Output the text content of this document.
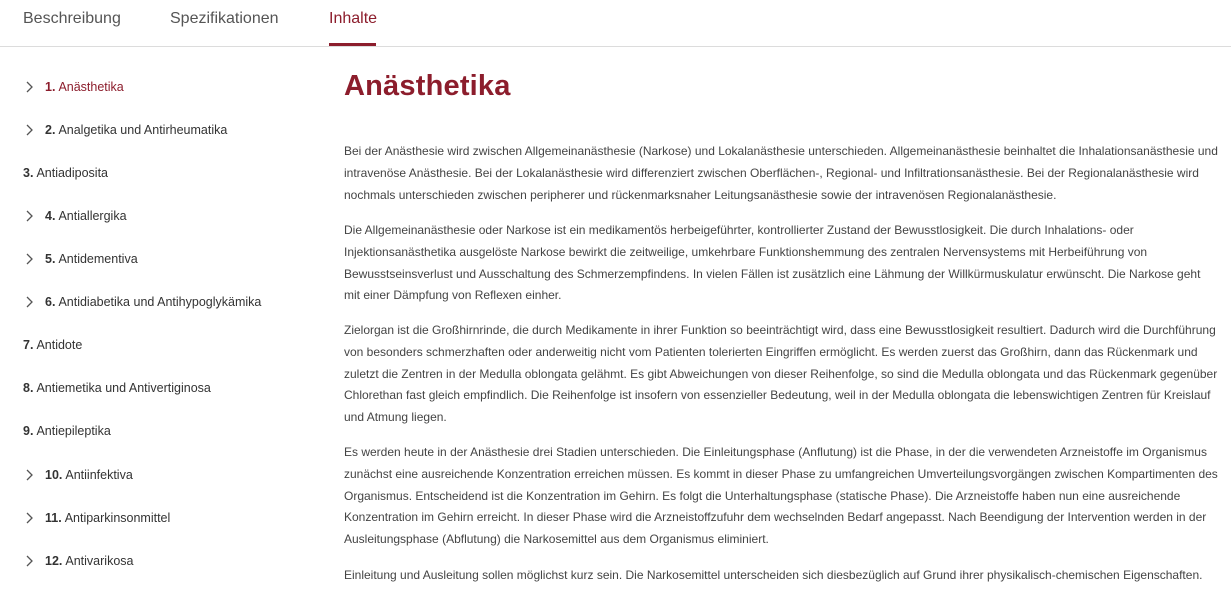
Beschreibung	Spezifikationen	Inhalte
1. Anästhetika
2. Analgetika und Antirheumatika
3. Antiadiposita
4. Antiallergika
5. Antidementiva
6. Antidiabetika und Antihypoglykämika
7. Antidote
8. Antiemetika und Antivertiginosa
9. Antiepileptika
10. Antiinfektiva
11. Antiparkinsonmittel
12. Antivarikosa
Anästhetika

Bei der Anästhesie wird zwischen Allgemeinanästhesie (Narkose) und Lokalanästhesie unterschieden. Allgemeinanästhesie beinhaltet die Inhalationsanästhesie und intravenöse Anästhesie. Bei der Lokalanästhesie wird differenziert zwischen Oberflächen-, Regional- und Infiltrationsanästhesie. Bei der Regionalanästhesie wird nochmals unterschieden zwischen peripherer und rückenmarksnaher Leitungsanästhesie sowie der intravenösen Regionalanästhesie.

Die Allgemeinanästhesie oder Narkose ist ein medikamentös herbeigeführter, kontrollierter Zustand der Bewusstlosigkeit. Die durch Inhalations- oder Injektionsanästhetika ausgelöste Narkose bewirkt die zeitweilige, umkehrbare Funktionshemmung des zentralen Nervensystems mit Herbeiführung von Bewusstseinsverlust und Ausschaltung des Schmerzempfindens. In vielen Fällen ist zusätzlich eine Lähmung der Willkürmuskulatur erwünscht. Die Narkose geht mit einer Dämpfung von Reflexen einher.

Zielorgan ist die Großhirnrinde, die durch Medikamente in ihrer Funktion so beeinträchtigt wird, dass eine Bewusstlosigkeit resultiert. Dadurch wird die Durchführung von besonders schmerzhaften oder anderweitig nicht vom Patienten tolerierten Eingriffen ermöglicht. Es werden zuerst das Großhirn, dann das Rückenmark und zuletzt die Zentren in der Medulla oblongata gelähmt. Es gibt Abweichungen von dieser Reihenfolge, so sind die Medulla oblongata und das Rückenmark gegenüber Chlorethan fast gleich empfindlich. Die Reihenfolge ist insofern von essenzieller Bedeutung, weil in der Medulla oblongata die lebenswichtigen Zentren für Kreislauf und Atmung liegen.

Es werden heute in der Anästhesie drei Stadien unterschieden. Die Einleitungsphase (Anflutung) ist die Phase, in der die verwendeten Arzneistoffe im Organismus zunächst eine ausreichende Konzentration erreichen müssen. Es kommt in dieser Phase zu umfangreichen Umverteilungsvorgängen zwischen Kompartimenten des Organismus. Entscheidend ist die Konzentration im Gehirn. Es folgt die Unterhaltungsphase (statische Phase). Die Arzneistoffe haben nun eine ausreichende Konzentration im Gehirn erreicht. In dieser Phase wird die Arzneistoffzufuhr dem wechselnden Bedarf angepasst. Nach Beendigung der Intervention werden in der Ausleitungsphase (Abflutung) die Narkosemittel aus dem Organismus eliminiert.

Einleitung und Ausleitung sollen möglichst kurz sein. Die Narkosemittel unterscheiden sich diesbezüglich auf Grund ihrer physikalisch-chemischen Eigenschaften.
